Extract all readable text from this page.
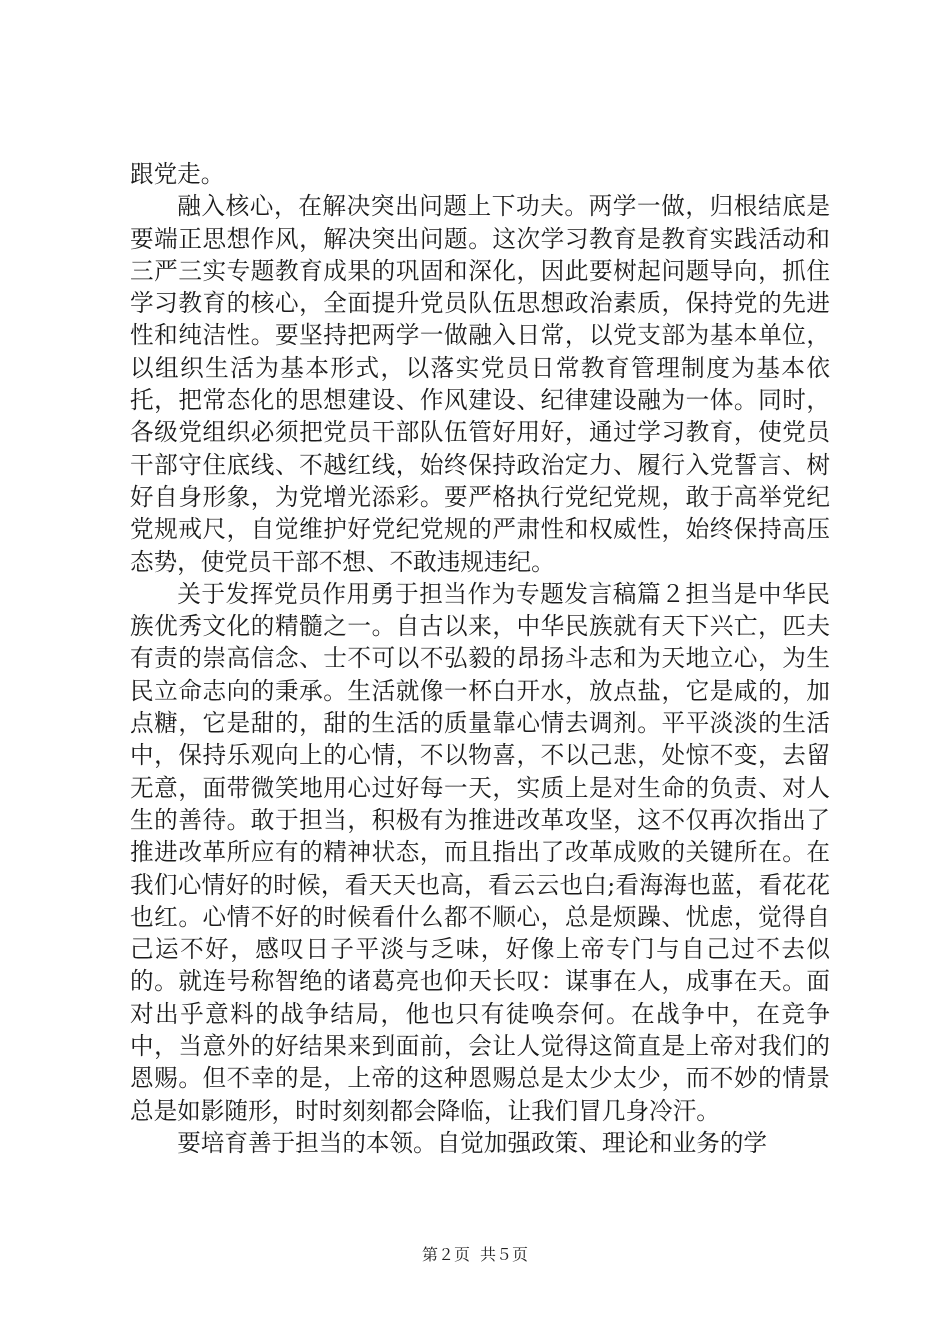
跟党走。

融入核心，在解决突出问题上下功夫。两学一做，归根结底是要端正思想作风，解决突出问题。这次学习教育是教育实践活动和三严三实专题教育成果的巩固和深化，因此要树起问题导向，抓住学习教育的核心，全面提升党员队伍思想政治素质，保持党的先进性和纯洁性。要坚持把两学一做融入日常，以党支部为基本单位，以组织生活为基本形式，以落实党员日常教育管理制度为基本依托，把常态化的思想建设、作风建设、纪律建设融为一体。同时，各级党组织必须把党员干部队伍管好用好，通过学习教育，使党员干部守住底线、不越红线，始终保持政治定力、履行入党誓言、树好自身形象，为党增光添彩。要严格执行党纪党规，敢于高举党纪党规戒尺，自觉维护好党纪党规的严肃性和权威性，始终保持高压态势，使党员干部不想、不敢违规违纪。

关于发挥党员作用勇于担当作为专题发言稿篇２担当是中华民族优秀文化的精髓之一。自古以来，中华民族就有天下兴亡，匹夫有责的崇高信念、士不可以不弘毅的昂扬斗志和为天地立心，为生民立命志向的秉承。生活就像一杯白开水，放点盐，它是咸的，加点糖，它是甜的，甜的生活的质量靠心情去调剂。平平淡淡的生活中，保持乐观向上的心情，不以物喜，不以己悲，处惊不变，去留无意，面带微笑地用心过好每一天，实质上是对生命的负责、对人生的善待。敢于担当，积极有为推进改革攻坚，这不仅再次指出了推进改革所应有的精神状态，而且指出了改革成败的关键所在。在我们心情好的时候，看天天也高，看云云也白;看海海也蓝，看花花也红。心情不好的时候看什么都不顺心，总是烦躁、忧虑，觉得自己运不好，感叹日子平淡与乏味，好像上帝专门与自己过不去似的。就连号称智绝的诸葛亮也仰天长叹：谋事在人，成事在天。面对出乎意料的战争结局，他也只有徒唤奈何。在战争中，在竞争中，当意外的好结果来到面前，会让人觉得这简直是上帝对我们的恩赐。但不幸的是，上帝的这种恩赐总是太少太少，而不妙的情景总是如影随形，时时刻刻都会降临，让我们冒几身冷汗。

要培育善于担当的本领。自觉加强政策、理论和业务的学

第２页 共５页
